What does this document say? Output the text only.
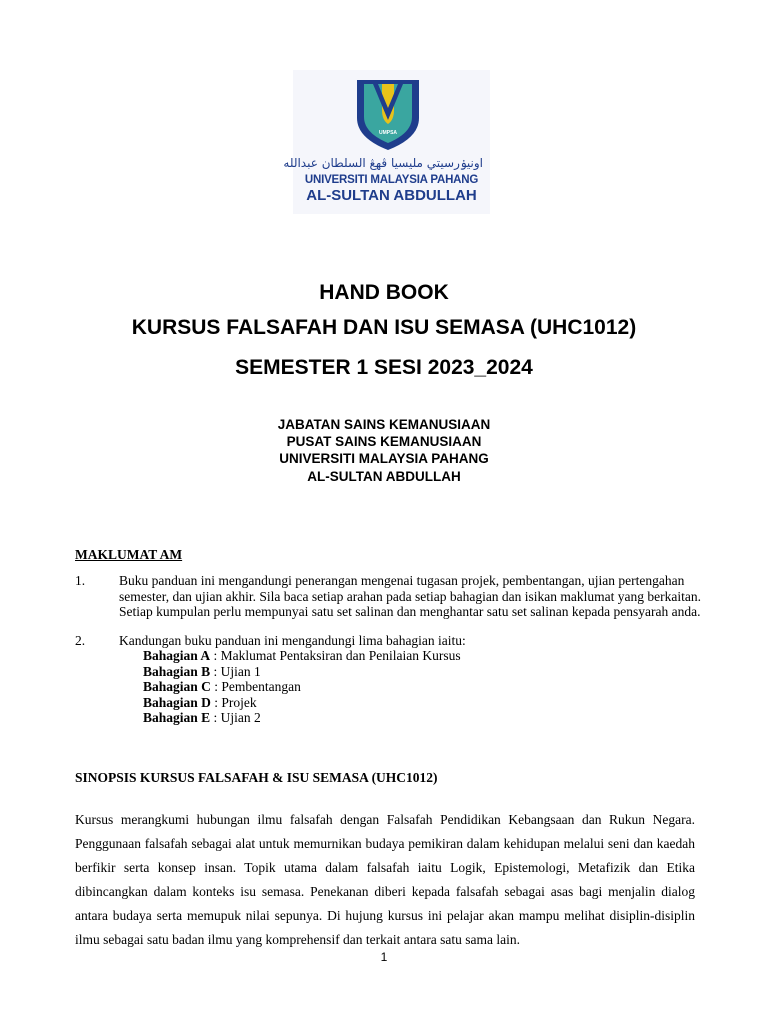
UMPSA
اونيۏرسيتي مليسيا ڤهڠ السلطان عبدالله
UNIVERSITI MALAYSIA PAHANG
AL-SULTAN ABDULLAH
HAND BOOK
KURSUS FALSAFAH DAN ISU SEMASA (UHC1012)
SEMESTER 1 SESI 2023_2024
JABATAN SAINS KEMANUSIAAN
PUSAT SAINS KEMANUSIAAN
UNIVERSITI MALAYSIA PAHANG
AL-SULTAN ABDULLAH
MAKLUMAT AM
1.	Buku panduan ini mengandungi penerangan mengenai tugasan projek, pembentangan, ujian pertengahan semester, dan ujian akhir. Sila baca setiap arahan pada setiap bahagian dan isikan maklumat yang berkaitan. Setiap kumpulan perlu mempunyai satu set salinan dan menghantar satu set salinan kepada pensyarah anda.
2.	Kandungan buku panduan ini mengandungi lima bahagian iaitu:
Bahagian A : Maklumat Pentaksiran dan Penilaian Kursus
Bahagian B : Ujian 1
Bahagian C : Pembentangan
Bahagian D : Projek
Bahagian E : Ujian 2
SINOPSIS KURSUS FALSAFAH & ISU SEMASA (UHC1012)
Kursus merangkumi hubungan ilmu falsafah dengan Falsafah Pendidikan Kebangsaan dan Rukun Negara. Penggunaan falsafah sebagai alat untuk memurnikan budaya pemikiran dalam kehidupan melalui seni dan kaedah berfikir serta konsep insan. Topik utama dalam falsafah iaitu Logik, Epistemologi, Metafizik dan Etika dibincangkan dalam konteks isu semasa. Penekanan diberi kepada falsafah sebagai asas bagi menjalin dialog antara budaya serta memupuk nilai sepunya. Di hujung kursus ini pelajar akan mampu melihat disiplin-disiplin ilmu sebagai satu badan ilmu yang komprehensif dan terkait antara satu sama lain.
1
